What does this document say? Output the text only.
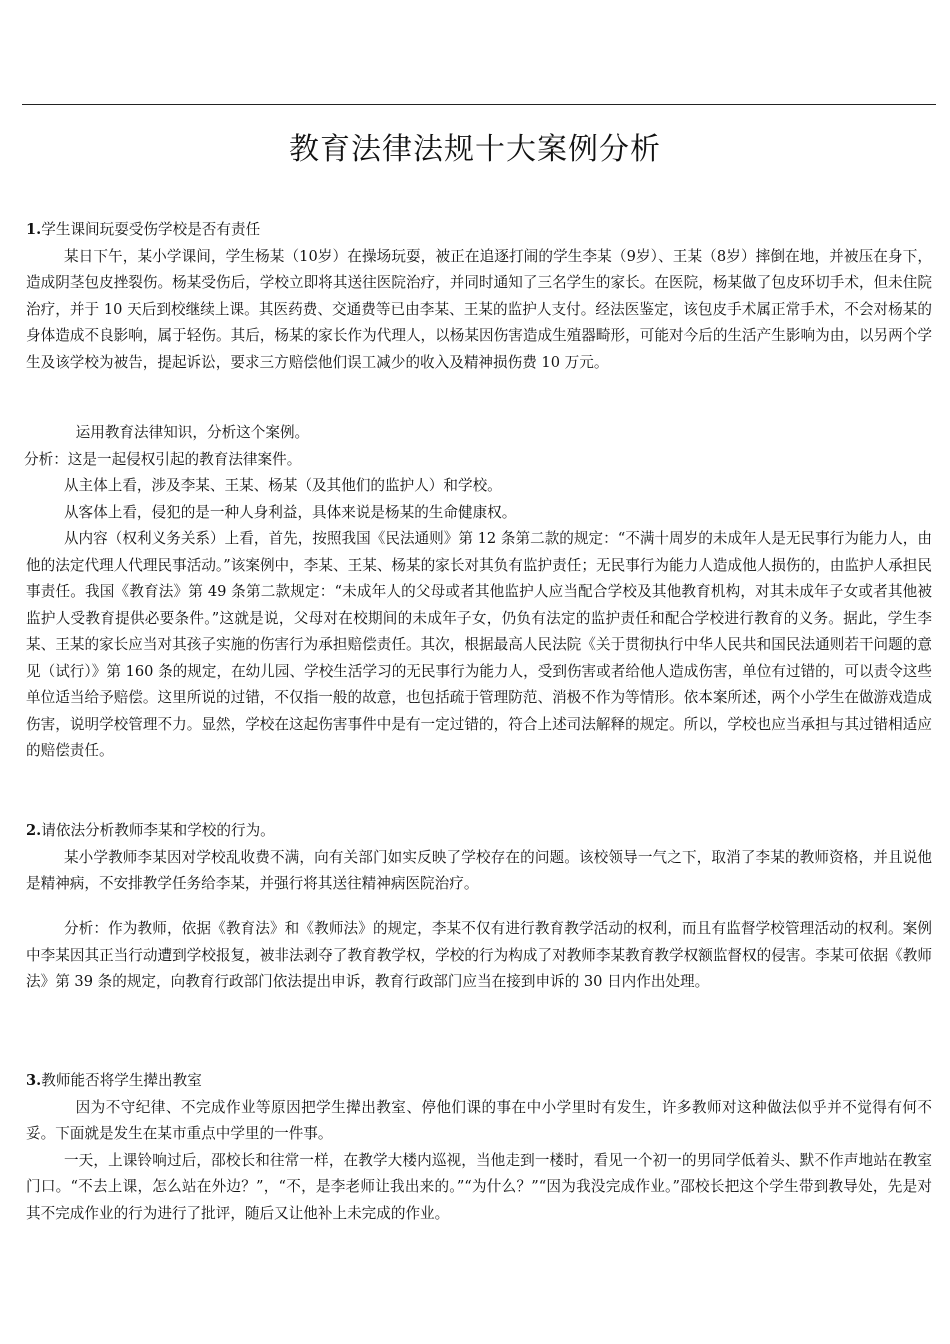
教育法律法规十大案例分析

1.学生课间玩耍受伤学校是否有责任

某日下午，某小学课间，学生杨某（10岁）在操场玩耍，被正在追逐打闹的学生李某（9岁）、王某（8岁）摔倒在地，并被压在身下，造成阴茎包皮挫裂伤。杨某受伤后，学校立即将其送往医院治疗，并同时通知了三名学生的家长。在医院，杨某做了包皮环切手术，但未住院治疗，并于 10 天后到校继续上课。其医药费、交通费等已由李某、王某的监护人支付。经法医鉴定，该包皮手术属正常手术，不会对杨某的身体造成不良影响，属于轻伤。其后，杨某的家长作为代理人，以杨某因伤害造成生殖器畸形，可能对今后的生活产生影响为由，以另两个学生及该学校为被告，提起诉讼，要求三方赔偿他们误工减少的收入及精神损伤费 10 万元。

运用教育法律知识，分析这个案例。

分析：这是一起侵权引起的教育法律案件。

从主体上看，涉及李某、王某、杨某（及其他们的监护人）和学校。

从客体上看，侵犯的是一种人身利益，具体来说是杨某的生命健康权。

从内容（权利义务关系）上看，首先，按照我国《民法通则》第 12 条第二款的规定：“不满十周岁的未成年人是无民事行为能力人，由他的法定代理人代理民事活动。”该案例中，李某、王某、杨某的家长对其负有监护责任；无民事行为能力人造成他人损伤的，由监护人承担民事责任。我国《教育法》第 49 条第二款规定：“未成年人的父母或者其他监护人应当配合学校及其他教育机构，对其未成年子女或者其他被监护人受教育提供必要条件。”这就是说，父母对在校期间的未成年子女，仍负有法定的监护责任和配合学校进行教育的义务。据此，学生李某、王某的家长应当对其孩子实施的伤害行为承担赔偿责任。其次，根据最高人民法院《关于贯彻执行中华人民共和国民法通则若干问题的意见（试行）》第 160 条的规定，在幼儿园、学校生活学习的无民事行为能力人，受到伤害或者给他人造成伤害，单位有过错的，可以责令这些单位适当给予赔偿。这里所说的过错，不仅指一般的故意，也包括疏于管理防范、消极不作为等情形。依本案所述，两个小学生在做游戏造成伤害，说明学校管理不力。显然，学校在这起伤害事件中是有一定过错的，符合上述司法解释的规定。所以，学校也应当承担与其过错相适应的赔偿责任。

2.请依法分析教师李某和学校的行为。

某小学教师李某因对学校乱收费不满，向有关部门如实反映了学校存在的问题。该校领导一气之下，取消了李某的教师资格，并且说他是精神病，不安排教学任务给李某，并强行将其送往精神病医院治疗。

分析：作为教师，依据《教育法》和《教师法》的规定，李某不仅有进行教育教学活动的权利，而且有监督学校管理活动的权利。案例中李某因其正当行动遭到学校报复，被非法剥夺了教育教学权，学校的行为构成了对教师李某教育教学权额监督权的侵害。李某可依据《教师法》第 39 条的规定，向教育行政部门依法提出申诉，教育行政部门应当在接到申诉的 30 日内作出处理。

3.教师能否将学生撵出教室

因为不守纪律、不完成作业等原因把学生撵出教室、停他们课的事在中小学里时有发生，许多教师对这种做法似乎并不觉得有何不妥。下面就是发生在某市重点中学里的一件事。

一天，上课铃响过后，邵校长和往常一样，在教学大楼内巡视，当他走到一楼时，看见一个初一的男同学低着头、默不作声地站在教室门口。“不去上课，怎么站在外边？”，“不，是李老师让我出来的。”“为什么？”“因为我没完成作业。”邵校长把这个学生带到教导处，先是对其不完成作业的行为进行了批评，随后又让他补上未完成的作业。
